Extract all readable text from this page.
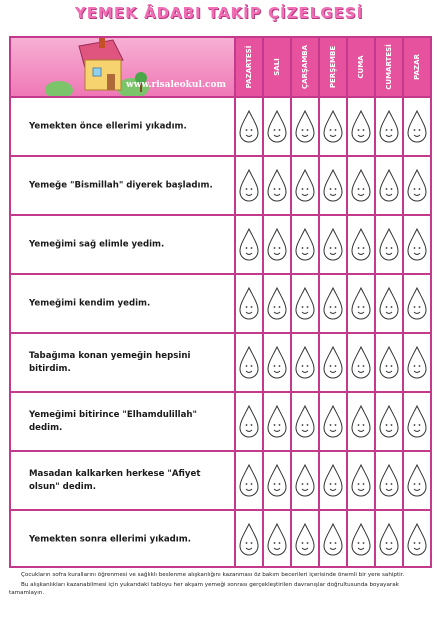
YEMEK ÂDABI TAKİP ÇİZELGESİ
www.risaleokul.com	PAZARTESİ	SALI	ÇARŞAMBA	PERŞEMBE	CUMA	CUMARTESİ	PAZAR
Yemekten önce ellerimi yıkadım.
Yemeğe "Bismillah" diyerek başladım.
Yemeğimi sağ elimle yedim.
Yemeğimi kendim yedim.
Tabağıma konan yemeğin hepsini bitirdim.
Yemeğimi bitirince "Elhamdulillah" dedim.
Masadan kalkarken herkese "Afiyet olsun" dedim.
Yemekten sonra ellerimi yıkadım.

Çocukların sofra kurallarını öğrenmesi ve sağlıklı beslenme alışkanlığını kazanması öz bakım becerileri içerisinde önemli bir yere sahiptir.

Bu alışkanlıkları kazanabilmesi için yukarıdaki tabloyu her akşam yemeği sonrası gerçekleştirilen davranışlar doğrultusunda boyayarak tamamlayın.
